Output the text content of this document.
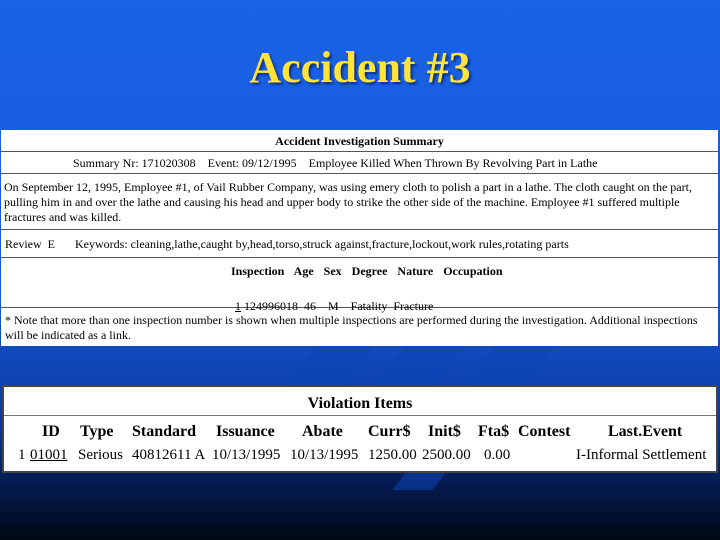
Accident #3
Accident Investigation Summary
Summary Nr: 171020308    Event: 09/12/1995    Employee Killed When Thrown By Revolving Part in Lathe
On September 12, 1995, Employee #1, of Vail Rubber Company, was using emery cloth to polish a part in a lathe. The cloth caught on the part, pulling him in and over the lathe and causing his head and upper body to strike the other side of the machine. Employee #1 suffered multiple fractures and was killed.
Review  E Keywords: cleaning,lathe,caught by,head,torso,struck against,fracture,lockout,work rules,rotating parts
Inspection  Age  Sex  Degree  Nature  Occupation

1 124996018  46    M    Fatality  Fracture

* Note that more than one inspection number is shown when multiple inspections are performed during the investigation. Additional inspections will be indicated as a link.
Violation Items
ID Type Standard Issuance Abate Curr$ Init$ Fta$ Contest Last.Event
1 01001 Serious 40812611 A 10/13/1995 10/13/1995 1250.00 2500.00 0.00	I-Informal Settlement
